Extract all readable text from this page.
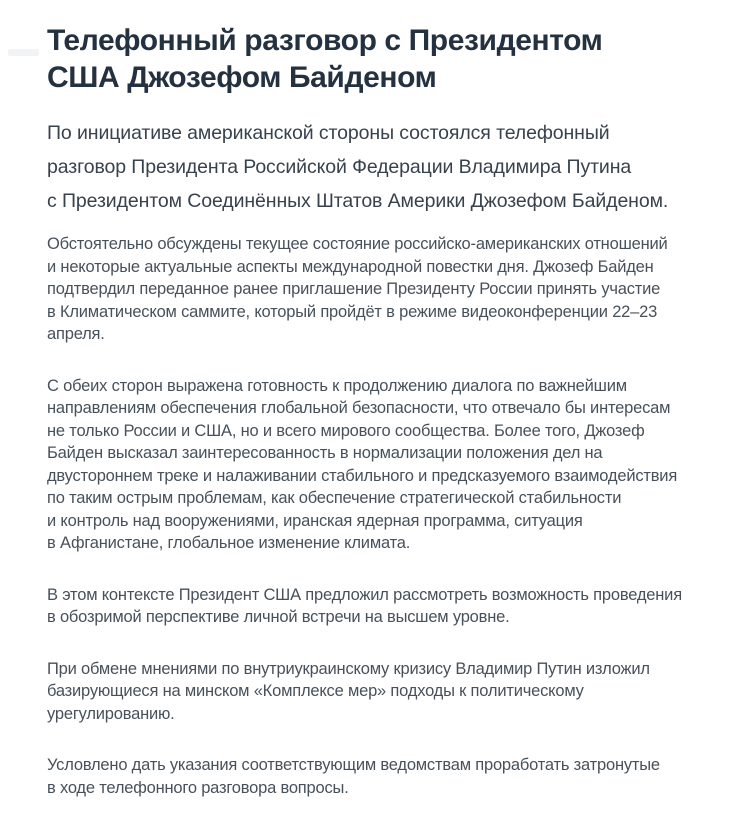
Телефонный разговор с Президентом США Джозефом Байденом

По инициативе американской стороны состоялся телефонный разговор Президента Российской Федерации Владимира Путина с Президентом Соединённых Штатов Америки Джозефом Байденом.

Обстоятельно обсуждены текущее состояние российско-американских отношений и некоторые актуальные аспекты международной повестки дня. Джозеф Байден подтвердил переданное ранее приглашение Президенту России принять участие в Климатическом саммите, который пройдёт в режиме видеоконференции 22–23 апреля.

С обеих сторон выражена готовность к продолжению диалога по важнейшим направлениям обеспечения глобальной безопасности, что отвечало бы интересам не только России и США, но и всего мирового сообщества. Более того, Джозеф Байден высказал заинтересованность в нормализации положения дел на двустороннем треке и налаживании стабильного и предсказуемого взаимодействия по таким острым проблемам, как обеспечение стратегической стабильности и контроль над вооружениями, иранская ядерная программа, ситуация в Афганистане, глобальное изменение климата.

В этом контексте Президент США предложил рассмотреть возможность проведения в обозримой перспективе личной встречи на высшем уровне.

При обмене мнениями по внутриукраинскому кризису Владимир Путин изложил базирующиеся на минском «Комплексе мер» подходы к политическому урегулированию.

Условлено дать указания соответствующим ведомствам проработать затронутые в ходе телефонного разговора вопросы.
